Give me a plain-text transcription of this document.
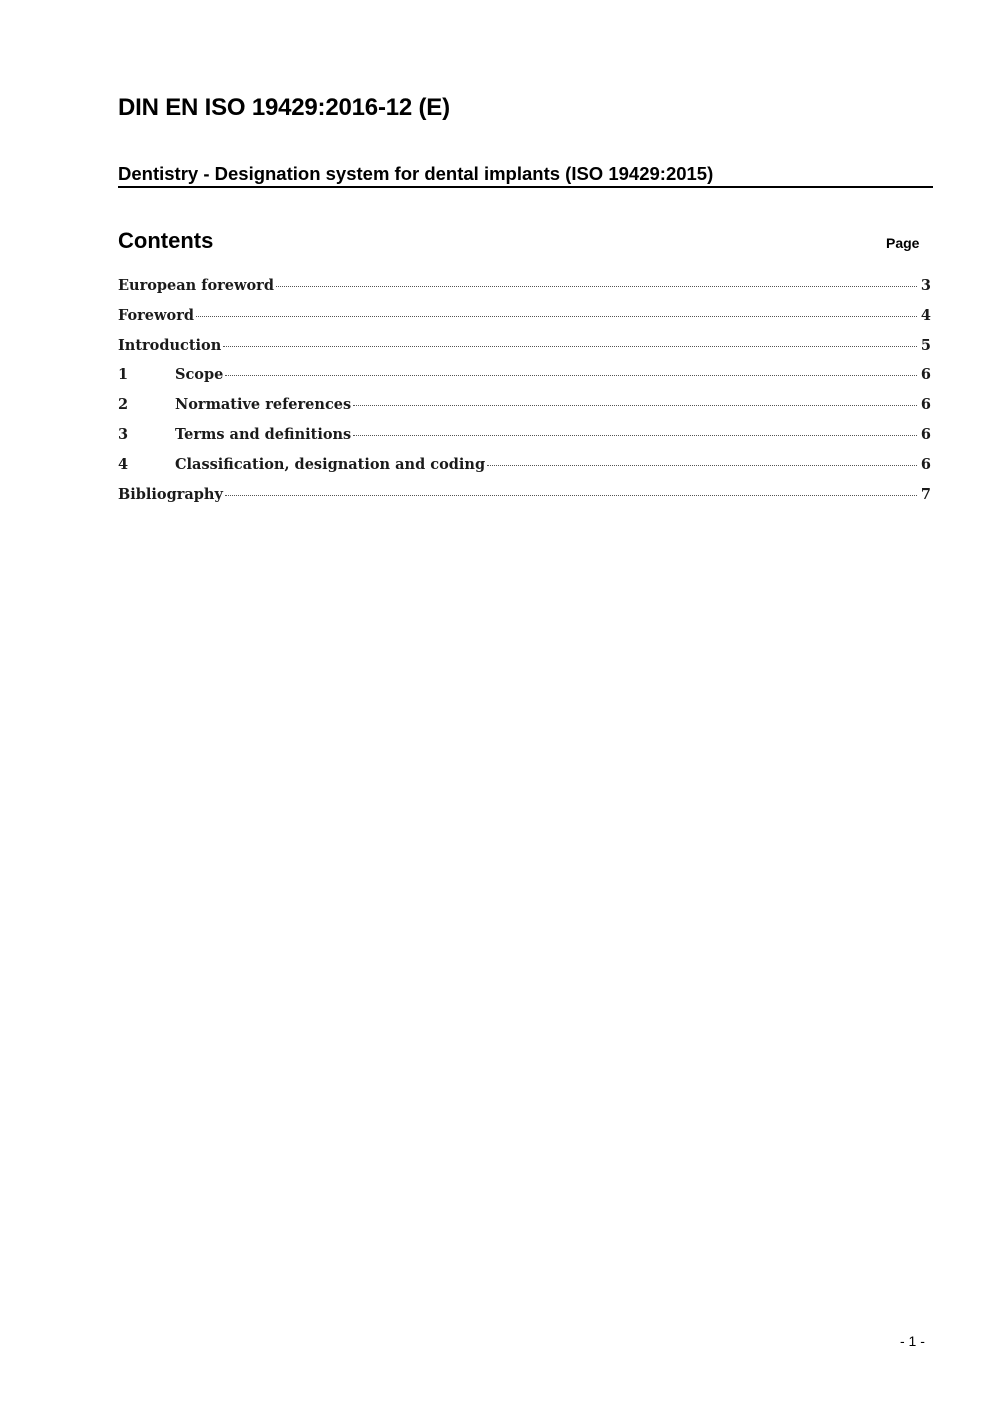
DIN EN ISO 19429:2016-12 (E)
Dentistry - Designation system for dental implants (ISO 19429:2015)
Contents	Page
European foreword	3
Foreword	4
Introduction	5
1	Scope	6
2	Normative references	6
3	Terms and definitions	6
4	Classification, designation and coding	6
Bibliography	7
- 1 -
